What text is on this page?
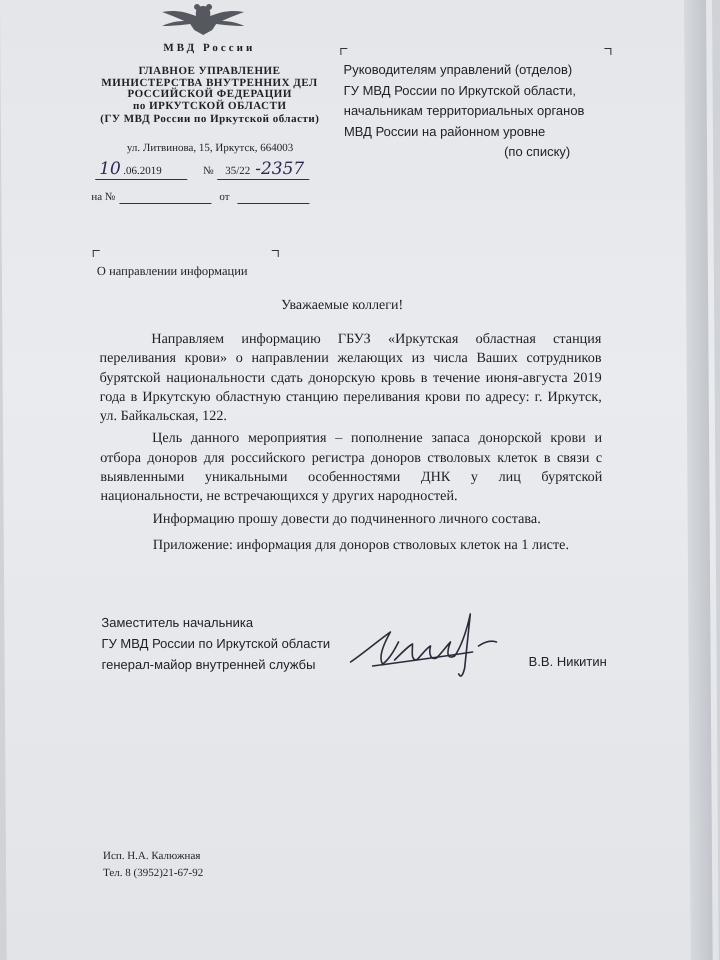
МВД России
ГЛАВНОЕ УПРАВЛЕНИЕ
МИНИСТЕРСТВА ВНУТРЕННИХ ДЕЛ
РОССИЙСКОЙ ФЕДЕРАЦИИ
по ИРКУТСКОЙ ОБЛАСТИ
(ГУ МВД России по Иркутской области)
ул. Литвинова, 15, Иркутск, 664003
10 .06.2019	№ 35/22 -2357
на №	от
Руководителям управлений (отделов)
ГУ МВД России по Иркутской области,
начальникам территориальных органов
МВД России на районном уровне
(по списку)
О направлении информации
Уважаемые коллеги!

Направляем информацию ГБУЗ «Иркутская областная станция переливания крови» о направлении желающих из числа Ваших сотрудников бурятской национальности сдать донорскую кровь в течение июня-августа 2019 года в Иркутскую областную станцию переливания крови по адресу: г. Иркутск, ул. Байкальская, 122.

Цель данного мероприятия – пополнение запаса донорской крови и отбора доноров для российского регистра доноров стволовых клеток в связи с выявленными уникальными особенностями ДНК у лиц бурятской национальности, не встречающихся у других народностей.

Информацию прошу довести до подчиненного личного состава.

Приложение: информация для доноров стволовых клеток на 1 листе.

Заместитель начальника
ГУ МВД России по Иркутской области
генерал-майор внутренней службы	В.В. Никитин
Исп. Н.А. Калюжная
Тел. 8 (3952)21-67-92
